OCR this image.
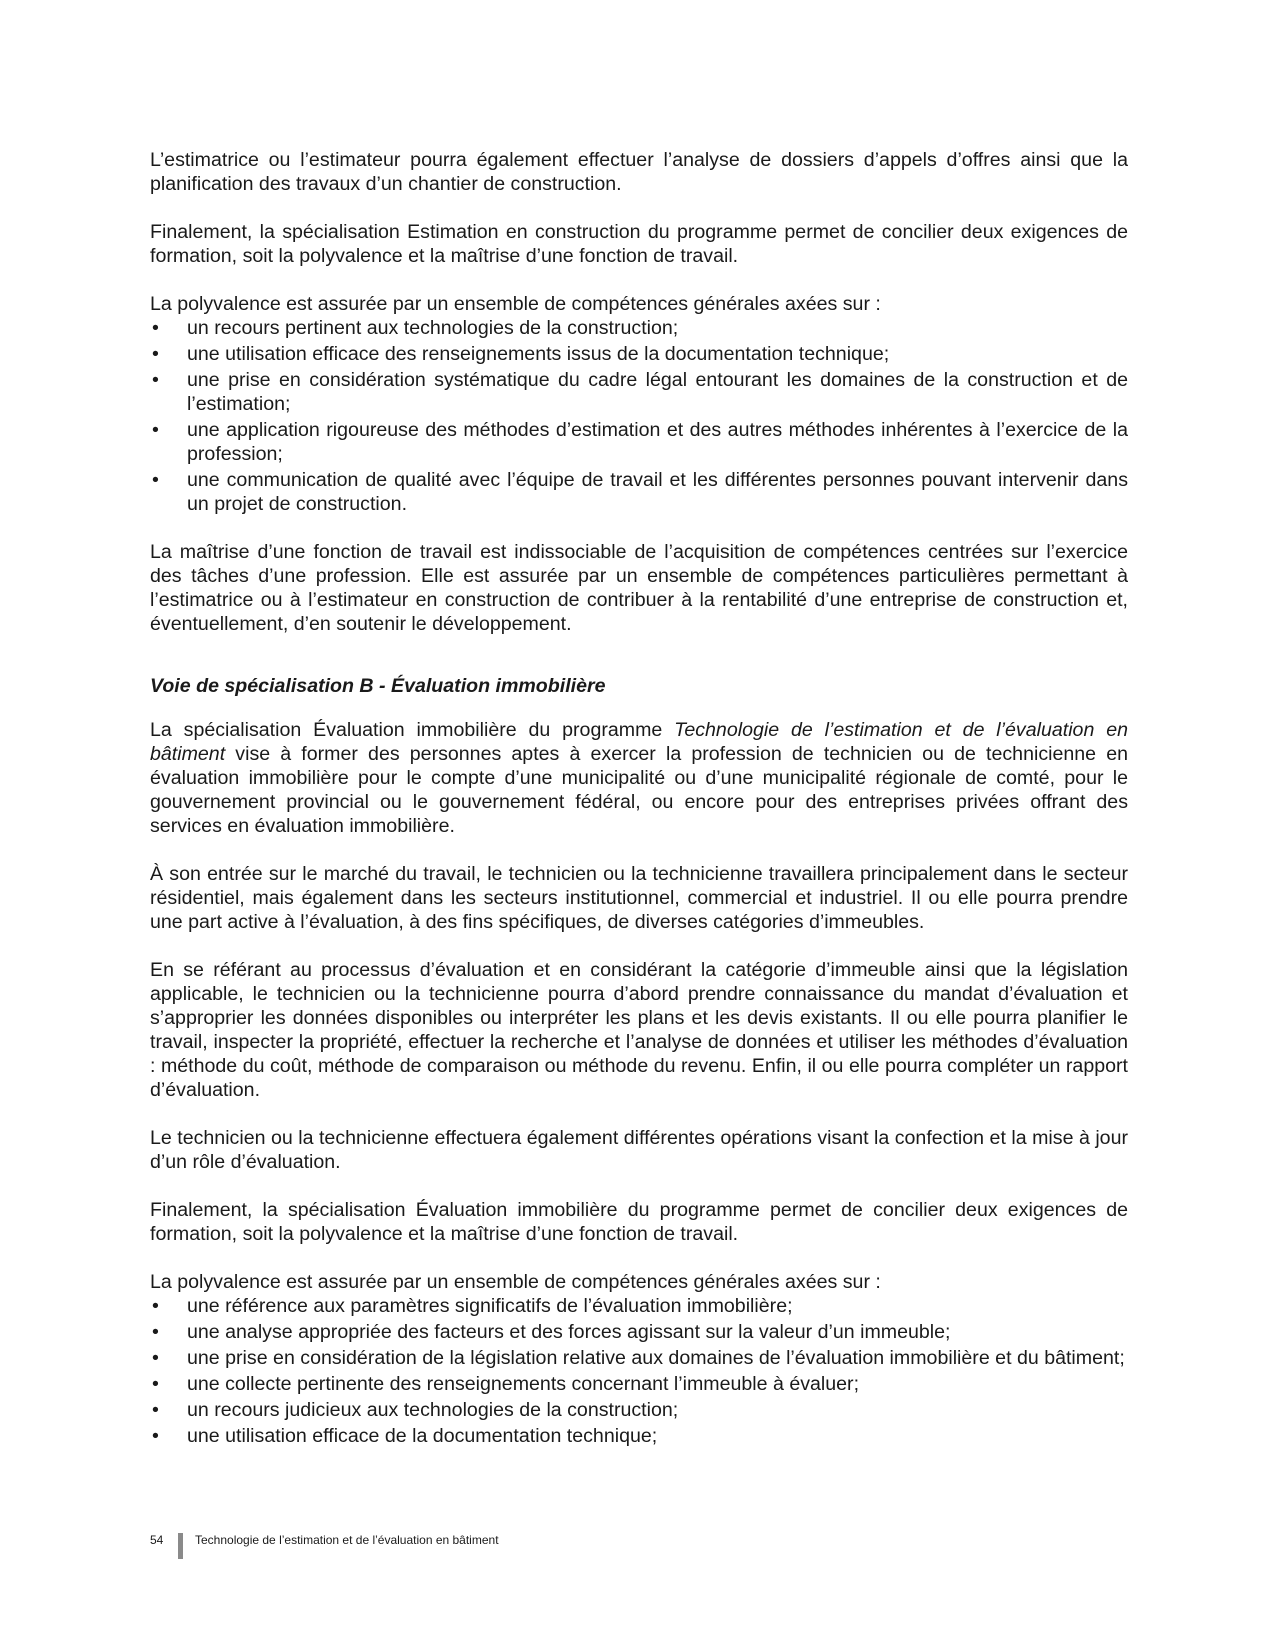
L’estimatrice ou l’estimateur pourra également effectuer l’analyse de dossiers d’appels d’offres ainsi que la planification des travaux d’un chantier de construction.

Finalement, la spécialisation Estimation en construction du programme permet de concilier deux exigences de formation, soit la polyvalence et la maîtrise d’une fonction de travail.

La polyvalence est assurée par un ensemble de compétences générales axées sur :

• un recours pertinent aux technologies de la construction;
• une utilisation efficace des renseignements issus de la documentation technique;
• une prise en considération systématique du cadre légal entourant les domaines de la construction et de l’estimation;
• une application rigoureuse des méthodes d’estimation et des autres méthodes inhérentes à l’exercice de la profession;
• une communication de qualité avec l’équipe de travail et les différentes personnes pouvant intervenir dans un projet de construction.

La maîtrise d’une fonction de travail est indissociable de l’acquisition de compétences centrées sur l’exercice des tâches d’une profession. Elle est assurée par un ensemble de compétences particulières permettant à l’estimatrice ou à l’estimateur en construction de contribuer à la rentabilité d’une entreprise de construction et, éventuellement, d’en soutenir le développement.

Voie de spécialisation B - Évaluation immobilière

La spécialisation Évaluation immobilière du programme Technologie de l’estimation et de l’évaluation en bâtiment vise à former des personnes aptes à exercer la profession de technicien ou de technicienne en évaluation immobilière pour le compte d’une municipalité ou d’une municipalité régionale de comté, pour le gouvernement provincial ou le gouvernement fédéral, ou encore pour des entreprises privées offrant des services en évaluation immobilière.

À son entrée sur le marché du travail, le technicien ou la technicienne travaillera principalement dans le secteur résidentiel, mais également dans les secteurs institutionnel, commercial et industriel. Il ou elle pourra prendre une part active à l’évaluation, à des fins spécifiques, de diverses catégories d’immeubles.

En se référant au processus d’évaluation et en considérant la catégorie d’immeuble ainsi que la législation applicable, le technicien ou la technicienne pourra d’abord prendre connaissance du mandat d’évaluation et s’approprier les données disponibles ou interpréter les plans et les devis existants. Il ou elle pourra planifier le travail, inspecter la propriété, effectuer la recherche et l’analyse de données et utiliser les méthodes d’évaluation : méthode du coût, méthode de comparaison ou méthode du revenu. Enfin, il ou elle pourra compléter un rapport d’évaluation.

Le technicien ou la technicienne effectuera également différentes opérations visant la confection et la mise à jour d’un rôle d’évaluation.

Finalement, la spécialisation Évaluation immobilière du programme permet de concilier deux exigences de formation, soit la polyvalence et la maîtrise d’une fonction de travail.

La polyvalence est assurée par un ensemble de compétences générales axées sur :

• une référence aux paramètres significatifs de l’évaluation immobilière;
• une analyse appropriée des facteurs et des forces agissant sur la valeur d’un immeuble;
• une prise en considération de la législation relative aux domaines de l’évaluation immobilière et du bâtiment;
• une collecte pertinente des renseignements concernant l’immeuble à évaluer;
• un recours judicieux aux technologies de la construction;
• une utilisation efficace de la documentation technique;
54	Technologie de l’estimation et de l’évaluation en bâtiment
